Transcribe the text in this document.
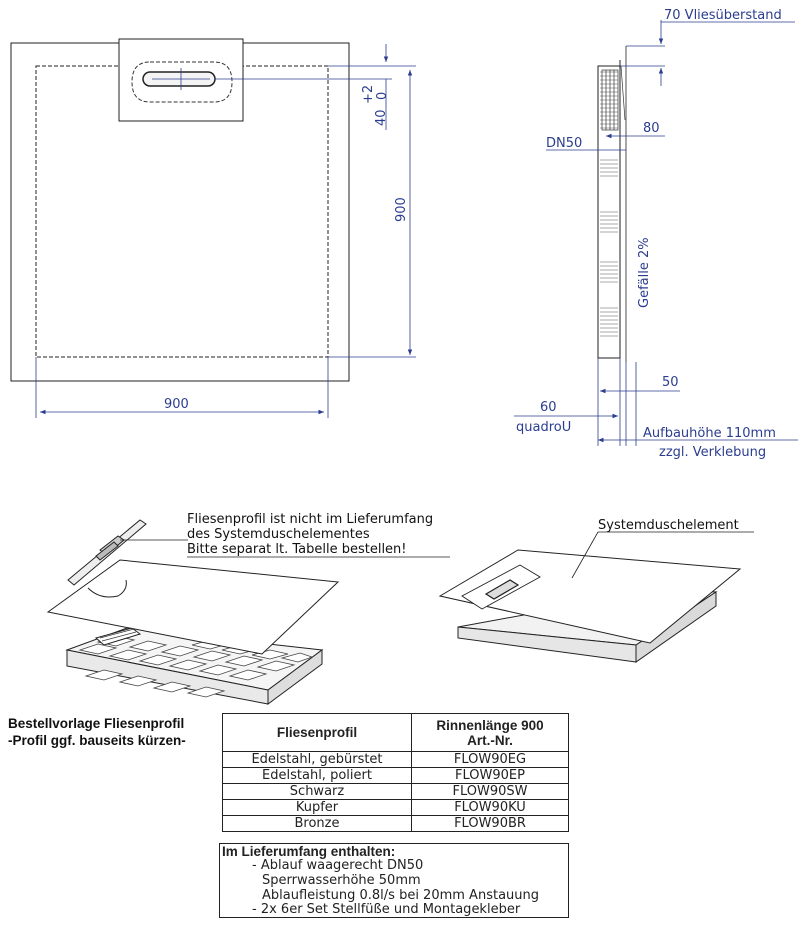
900
+2 0
40
900
70 Vliesüberstand
DN50
80
Gefälle 2%
50
60
quadroU	Aufbauhöhe 110mm
zzgl. Verklebung
Fliesenprofil ist nicht im Lieferumfang
des Systemduschelementes
Bitte separat lt. Tabelle bestellen!
Systemduschelement
Bestellvorlage Fliesenprofil
-Profil ggf. bauseits kürzen-
Fliesenprofil	Rinnenlänge 900
Art.-Nr.

Edelstahl, gebürstet	FLOW90EG
Edelstahl, poliert	FLOW90EP
Schwarz	FLOW90SW
Kupfer	FLOW90KU
Bronze	FLOW90BR
Im Lieferumfang enthalten:
- Ablauf waagerecht DN50
Sperrwasserhöhe 50mm
Ablaufleistung 0.8l/s bei 20mm Anstauung
- 2x 6er Set Stellfüße und Montagekleber
